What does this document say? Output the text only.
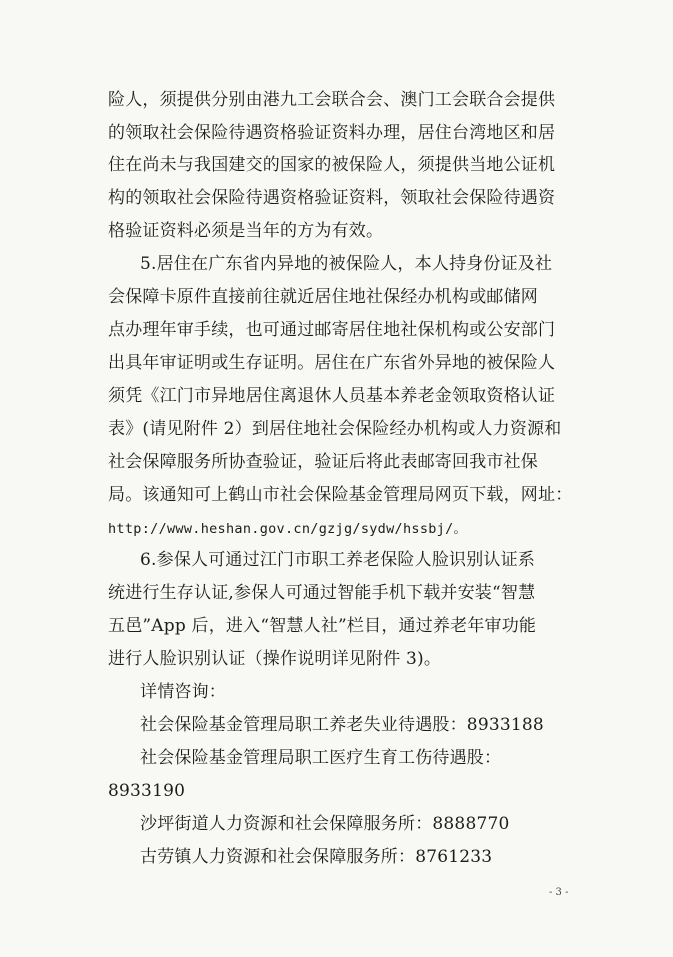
险人，须提供分别由港九工会联合会、澳门工会联合会提供
的领取社会保险待遇资格验证资料办理，居住台湾地区和居
住在尚未与我国建交的国家的被保险人，须提供当地公证机
构的领取社会保险待遇资格验证资料，领取社会保险待遇资
格验证资料必须是当年的方为有效。
5.居住在广东省内异地的被保险人，本人持身份证及社
会保障卡原件直接前往就近居住地社保经办机构或邮储网
点办理年审手续，也可通过邮寄居住地社保机构或公安部门
出具年审证明或生存证明。居住在广东省外异地的被保险人
须凭《江门市异地居住离退休人员基本养老金领取资格认证
表》(请见附件 2）到居住地社会保险经办机构或人力资源和
社会保障服务所协查验证，验证后将此表邮寄回我市社保
局。该通知可上鹤山市社会保险基金管理局网页下载，网址：
http://www.heshan.gov.cn/gzjg/sydw/hssbj/。
6.参保人可通过江门市职工养老保险人脸识别认证系
统进行生存认证,参保人可通过智能手机下载并安装“智慧
五邑”App 后，进入“智慧人社”栏目，通过养老年审功能
进行人脸识别认证（操作说明详见附件 3)。
详情咨询：
社会保险基金管理局职工养老失业待遇股：8933188
社会保险基金管理局职工医疗生育工伤待遇股：
8933190
沙坪街道人力资源和社会保障服务所：8888770
古劳镇人力资源和社会保障服务所：8761233
- 3 -
